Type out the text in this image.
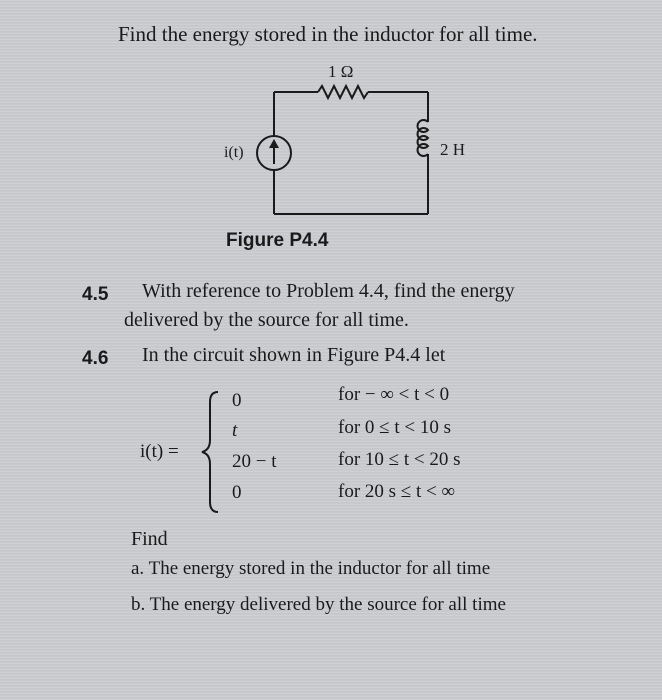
Find the energy stored in the inductor for all time.
1 Ω
2 H
i(t)
Figure P4.4
4.5 With reference to Problem 4.4, find the energy
delivered by the source for all time.
4.6 In the circuit shown in Figure P4.4 let
i(t) =
0
t
20 − t
0
for − ∞ < t < 0
for 0 ≤ t < 10 s
for 10 ≤ t < 20 s
for 20 s ≤ t < ∞
Find
a. The energy stored in the inductor for all time
b. The energy delivered by the source for all time
